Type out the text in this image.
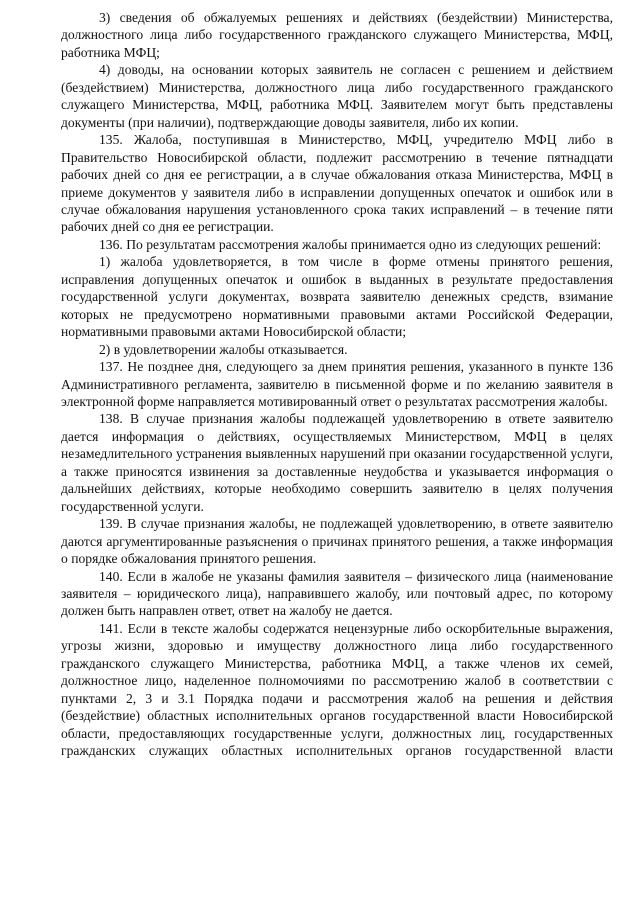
3) сведения об обжалуемых решениях и действиях (бездействии) Министерства, должностного лица либо государственного гражданского служащего Министерства, МФЦ, работника МФЦ;

4) доводы, на основании которых заявитель не согласен с решением и действием (бездействием) Министерства, должностного лица либо государственного гражданского служащего Министерства, МФЦ, работника МФЦ. Заявителем могут быть представлены документы (при наличии), подтверждающие доводы заявителя, либо их копии.

135. Жалоба, поступившая в Министерство, МФЦ, учредителю МФЦ либо в Правительство Новосибирской области, подлежит рассмотрению в течение пятнадцати рабочих дней со дня ее регистрации, а в случае обжалования отказа Министерства, МФЦ в приеме документов у заявителя либо в исправлении допущенных опечаток и ошибок или в случае обжалования нарушения установленного срока таких исправлений – в течение пяти рабочих дней со дня ее регистрации.

136. По результатам рассмотрения жалобы принимается одно из следующих решений:

1) жалоба удовлетворяется, в том числе в форме отмены принятого решения, исправления допущенных опечаток и ошибок в выданных в результате предоставления государственной услуги документах, возврата заявителю денежных средств, взимание которых не предусмотрено нормативными правовыми актами Российской Федерации, нормативными правовыми актами Новосибирской области;

2) в удовлетворении жалобы отказывается.

137. Не позднее дня, следующего за днем принятия решения, указанного в пункте 136 Административного регламента, заявителю в письменной форме и по желанию заявителя в электронной форме направляется мотивированный ответ о результатах рассмотрения жалобы.

138. В случае признания жалобы подлежащей удовлетворению в ответе заявителю дается информация о действиях, осуществляемых Министерством, МФЦ в целях незамедлительного устранения выявленных нарушений при оказании государственной услуги, а также приносятся извинения за доставленные неудобства и указывается информация о дальнейших действиях, которые необходимо совершить заявителю в целях получения государственной услуги.

139. В случае признания жалобы, не подлежащей удовлетворению, в ответе заявителю даются аргументированные разъяснения о причинах принятого решения, а также информация о порядке обжалования принятого решения.

140. Если в жалобе не указаны фамилия заявителя – физического лица (наименование заявителя – юридического лица), направившего жалобу, или почтовый адрес, по которому должен быть направлен ответ, ответ на жалобу не дается.

141. Если в тексте жалобы содержатся нецензурные либо оскорбительные выражения, угрозы жизни, здоровью и имуществу должностного лица либо государственного гражданского служащего Министерства, работника МФЦ, а также членов их семей, должностное лицо, наделенное полномочиями по рассмотрению жалоб в соответствии с пунктами 2, 3 и 3.1 Порядка подачи и рассмотрения жалоб на решения и действия (бездействие) областных исполнительных органов государственной власти Новосибирской области, предоставляющих государственные услуги, должностных лиц, государственных гражданских служащих областных исполнительных органов государственной власти
